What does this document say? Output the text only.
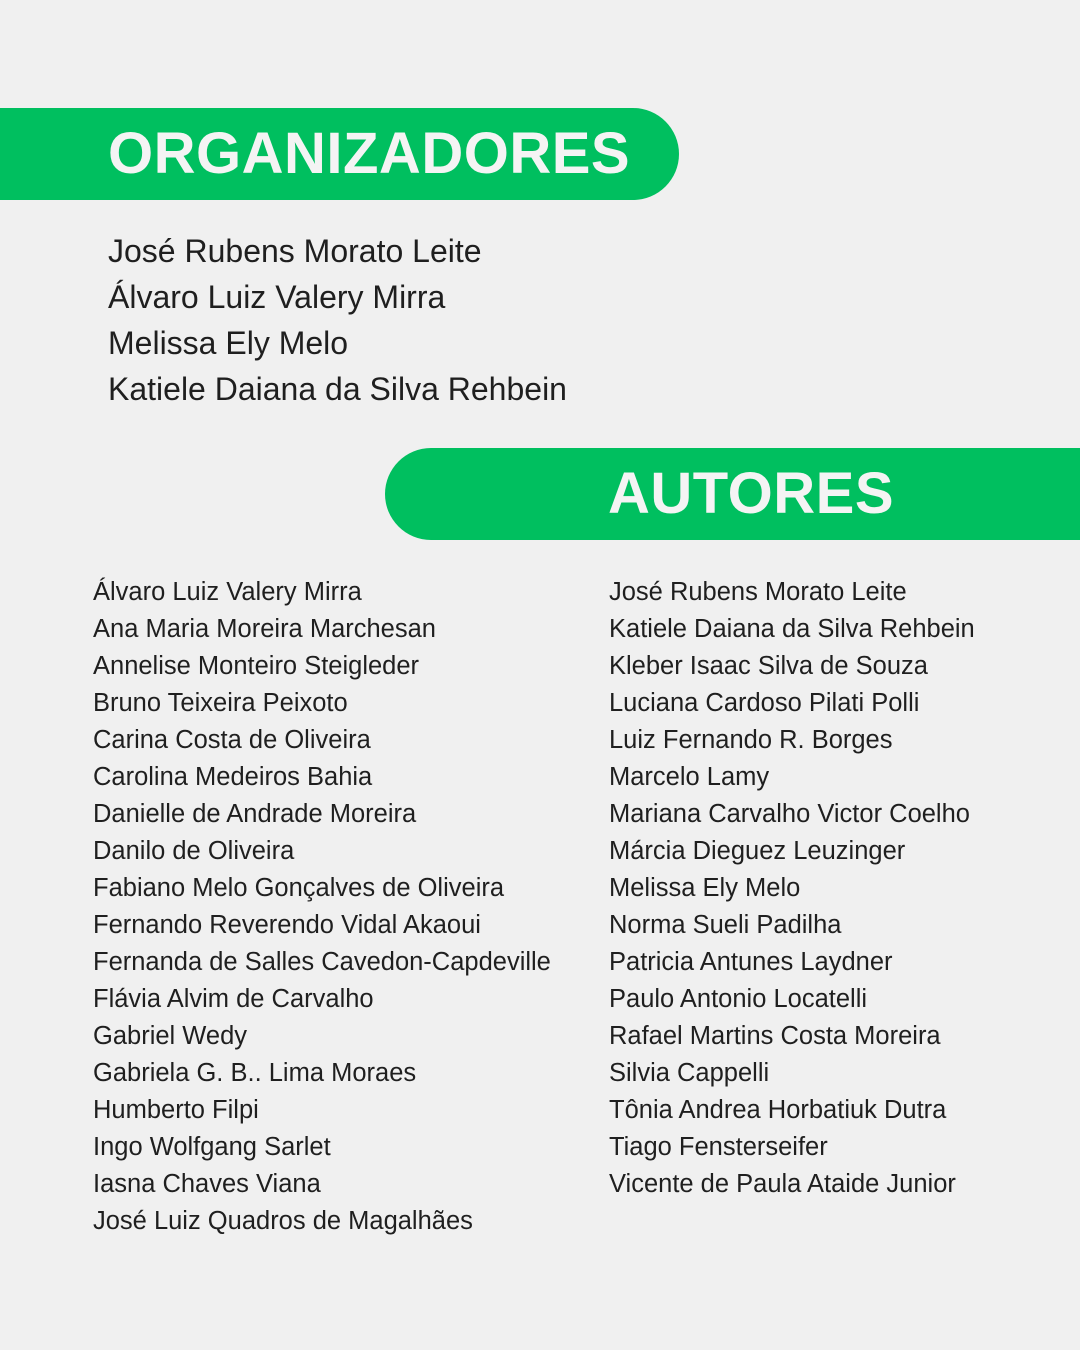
ORGANIZADORES
José Rubens Morato Leite
Álvaro Luiz Valery Mirra
Melissa Ely Melo
Katiele Daiana da Silva Rehbein
AUTORES
Álvaro Luiz Valery Mirra
Ana Maria Moreira Marchesan
Annelise Monteiro Steigleder
Bruno Teixeira Peixoto
Carina Costa de Oliveira
Carolina Medeiros Bahia
Danielle de Andrade Moreira
Danilo de Oliveira
Fabiano Melo Gonçalves de Oliveira
Fernando Reverendo Vidal Akaoui
Fernanda de Salles Cavedon-Capdeville
Flávia Alvim de Carvalho
Gabriel Wedy
Gabriela G. B.. Lima Moraes
Humberto Filpi
Ingo Wolfgang Sarlet
Iasna Chaves Viana
José Luiz Quadros de Magalhães
José Rubens Morato Leite
Katiele Daiana da Silva Rehbein
Kleber Isaac Silva de Souza
Luciana Cardoso Pilati Polli
Luiz Fernando R. Borges
Marcelo Lamy
Mariana Carvalho Victor Coelho
Márcia Dieguez Leuzinger
Melissa Ely Melo
Norma Sueli Padilha
Patricia Antunes Laydner
Paulo Antonio Locatelli
Rafael Martins Costa Moreira
Silvia Cappelli
Tônia Andrea Horbatiuk Dutra
Tiago Fensterseifer
Vicente de Paula Ataide Junior
